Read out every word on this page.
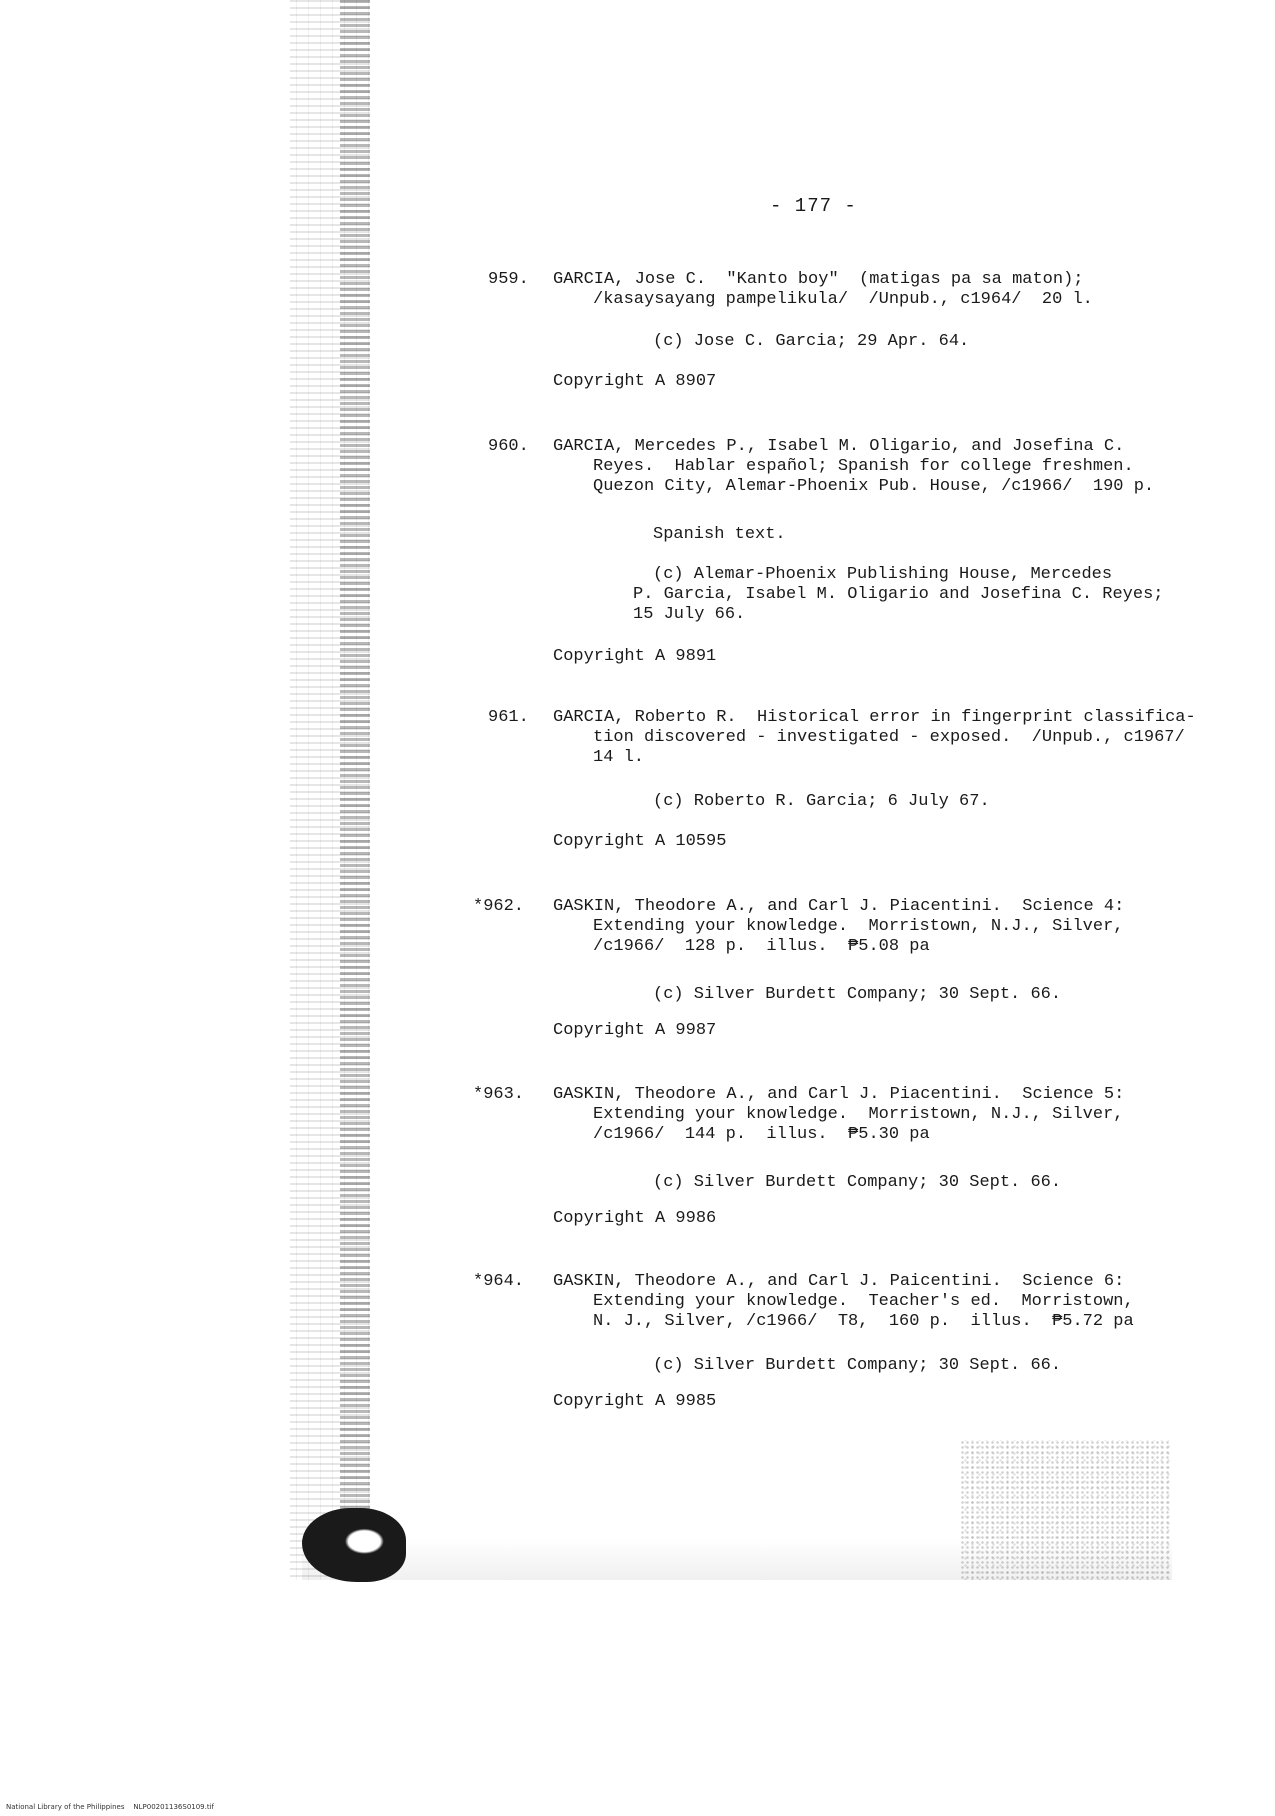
- 177 -
959.	GARCIA, Jose C.  "Kanto boy"  (matigas pa sa maton);
/kasaysayang pampelikula/  /Unpub., c1964/  20 l.
(c) Jose C. Garcia; 29 Apr. 64.
Copyright A 8907
960.	GARCIA, Mercedes P., Isabel M. Oligario, and Josefina C.
Reyes.  Hablar español; Spanish for college freshmen.
Quezon City, Alemar-Phoenix Pub. House, /c1966/  190 p.
Spanish text.
(c) Alemar-Phoenix Publishing House, Mercedes
P. Garcia, Isabel M. Oligario and Josefina C. Reyes;
15 July 66.
Copyright A 9891
961.	GARCIA, Roberto R.  Historical error in fingerprint classifica-
tion discovered - investigated - exposed.  /Unpub., c1967/
14 l.
(c) Roberto R. Garcia; 6 July 67.
Copyright A 10595
*962.	GASKIN, Theodore A., and Carl J. Piacentini.  Science 4:
Extending your knowledge.  Morristown, N.J., Silver,
/c1966/  128 p.  illus.  ₱5.08 pa
(c) Silver Burdett Company; 30 Sept. 66.
Copyright A 9987
*963.	GASKIN, Theodore A., and Carl J. Piacentini.  Science 5:
Extending your knowledge.  Morristown, N.J., Silver,
/c1966/  144 p.  illus.  ₱5.30 pa
(c) Silver Burdett Company; 30 Sept. 66.
Copyright A 9986
*964.	GASKIN, Theodore A., and Carl J. Paicentini.  Science 6:
Extending your knowledge.  Teacher's ed.  Morristown,
N. J., Silver, /c1966/  T8,  160 p.  illus.  ₱5.72 pa
(c) Silver Burdett Company; 30 Sept. 66.
Copyright A 9985
National Library of the Philippines    NLP00201136S0109.tif
